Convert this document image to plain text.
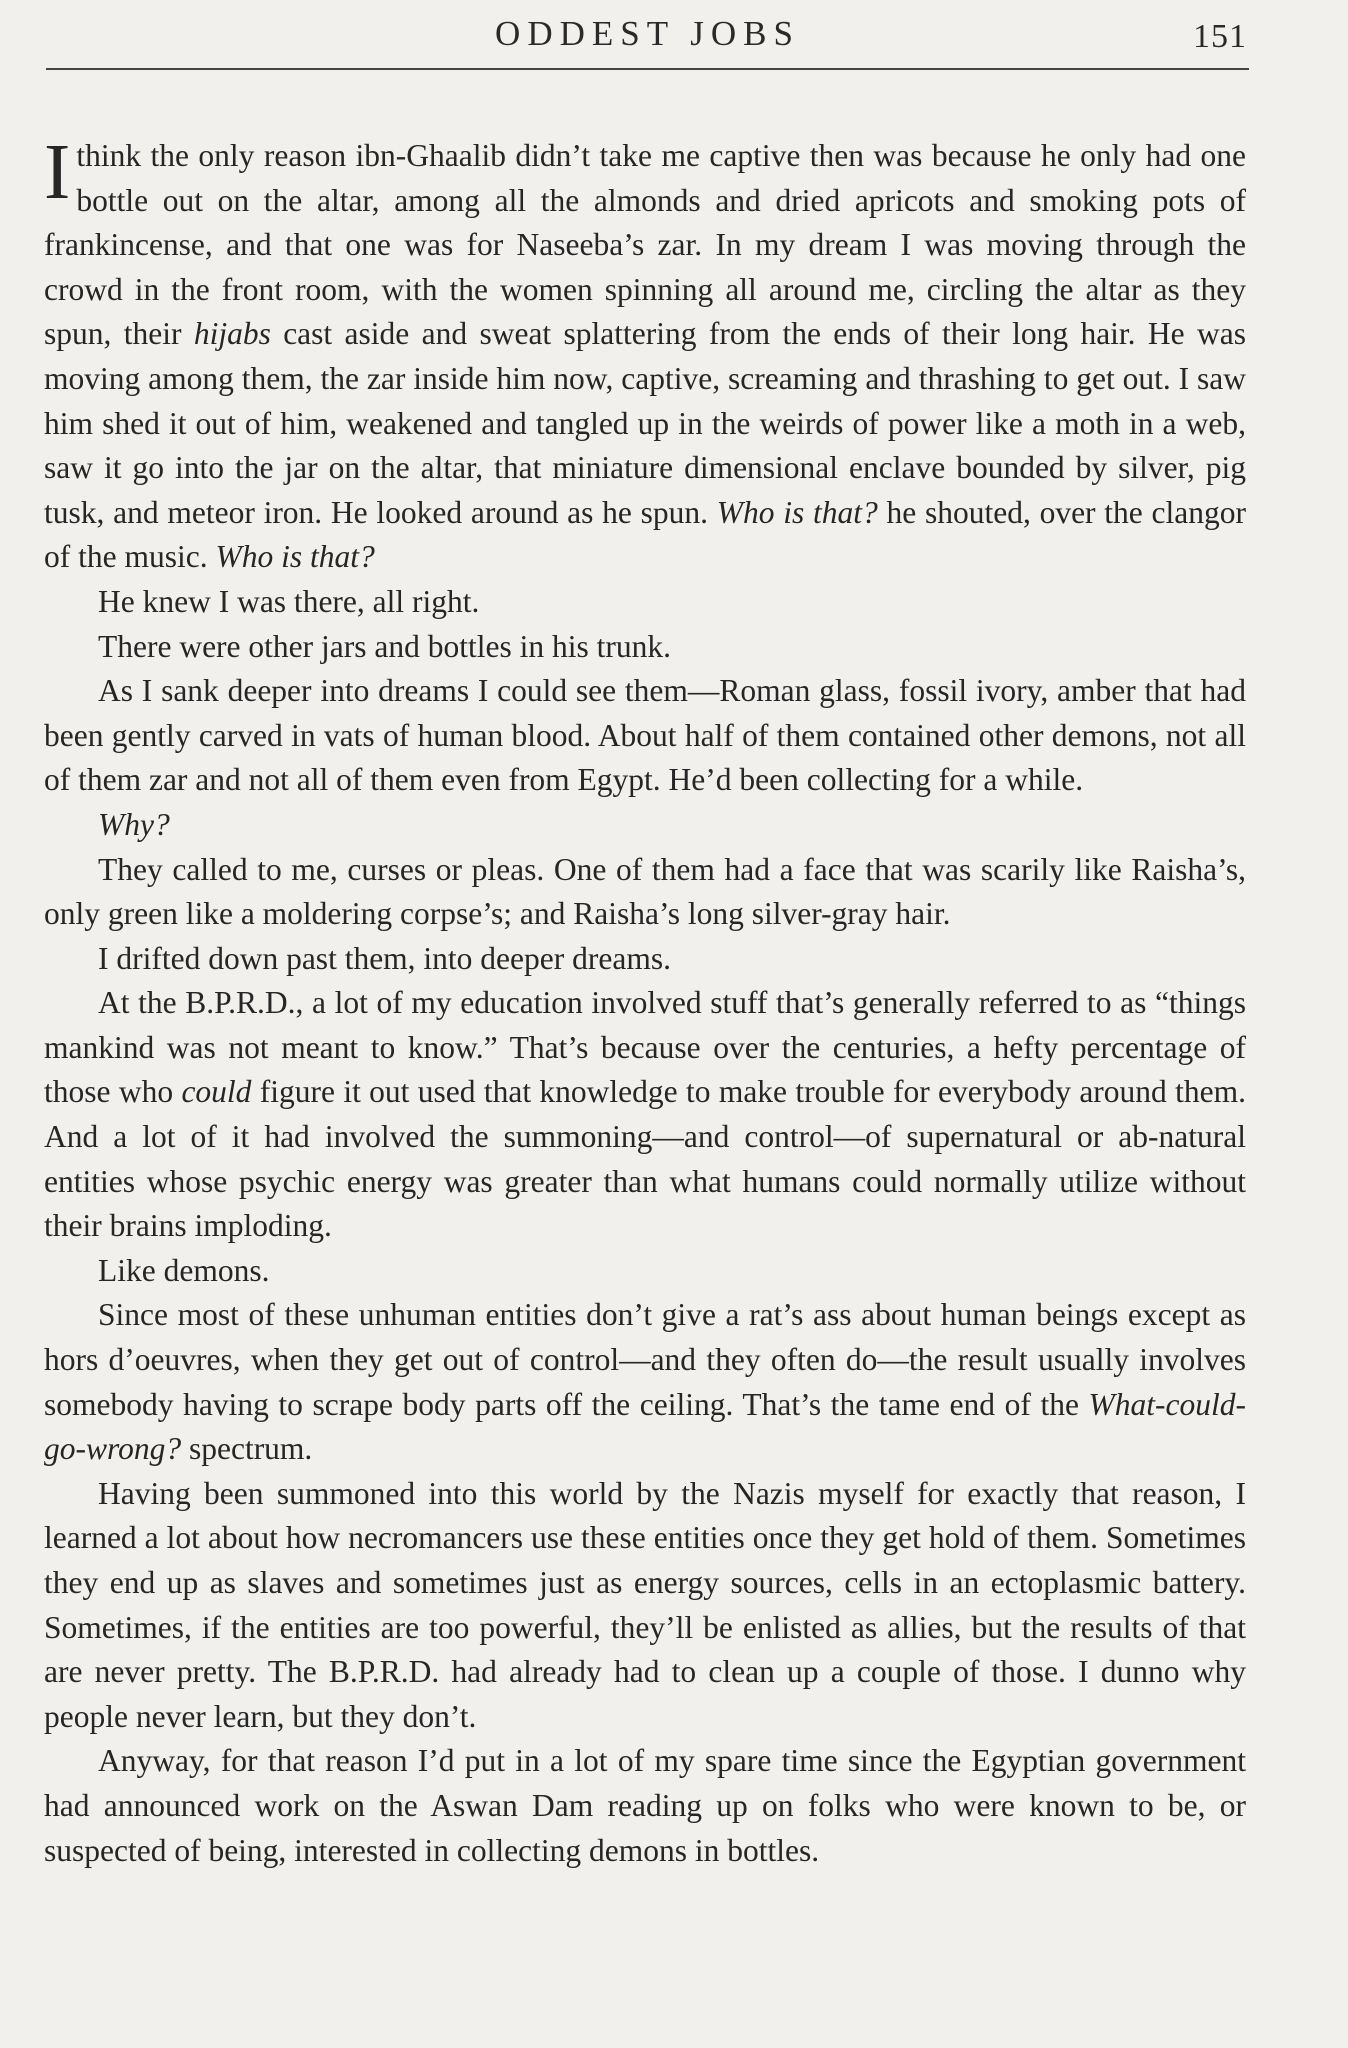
ODDEST JOBS	151

Ithink the only reason ibn-Ghaalib didn’t take me captive then was because he only had one bottle out on the altar, among all the almonds and dried apricots and smoking pots of frankincense, and that one was for Naseeba’s zar. In my dream I was moving through the crowd in the front room, with the women spinning all around me, circling the altar as they spun, their hijabs cast aside and sweat splattering from the ends of their long hair. He was moving among them, the zar inside him now, captive, screaming and thrashing to get out. I saw him shed it out of him, weakened and tangled up in the weirds of power like a moth in a web, saw it go into the jar on the altar, that miniature dimensional enclave bounded by silver, pig tusk, and meteor iron. He looked around as he spun. Who is that? he shouted, over the clangor of the music. Who is that?

He knew I was there, all right.

There were other jars and bottles in his trunk.

As I sank deeper into dreams I could see them—Roman glass, fossil ivory, amber that had been gently carved in vats of human blood. About half of them contained other demons, not all of them zar and not all of them even from Egypt. He’d been collecting for a while.

Why?

They called to me, curses or pleas. One of them had a face that was scarily like Raisha’s, only green like a moldering corpse’s; and Raisha’s long silver-gray hair.

I drifted down past them, into deeper dreams.

At the B.P.R.D., a lot of my education involved stuff that’s generally referred to as “things mankind was not meant to know.” That’s because over the centuries, a hefty percentage of those who could figure it out used that knowledge to make trouble for everybody around them. And a lot of it had involved the summoning—and control—of supernatural or ab-natural entities whose psychic energy was greater than what humans could normally utilize without their brains imploding.

Like demons.

Since most of these unhuman entities don’t give a rat’s ass about human beings except as hors d’oeuvres, when they get out of control—and they often do—the result usually involves somebody having to scrape body parts off the ceiling. That’s the tame end of the What-could-go-wrong? spectrum.

Having been summoned into this world by the Nazis myself for exactly that reason, I learned a lot about how necromancers use these entities once they get hold of them. Sometimes they end up as slaves and sometimes just as energy sources, cells in an ectoplasmic battery. Sometimes, if the entities are too powerful, they’ll be enlisted as allies, but the results of that are never pretty. The B.P.R.D. had already had to clean up a couple of those. I dunno why people never learn, but they don’t.

Anyway, for that reason I’d put in a lot of my spare time since the Egyptian government had announced work on the Aswan Dam reading up on folks who were known to be, or suspected of being, interested in collecting demons in bottles.
